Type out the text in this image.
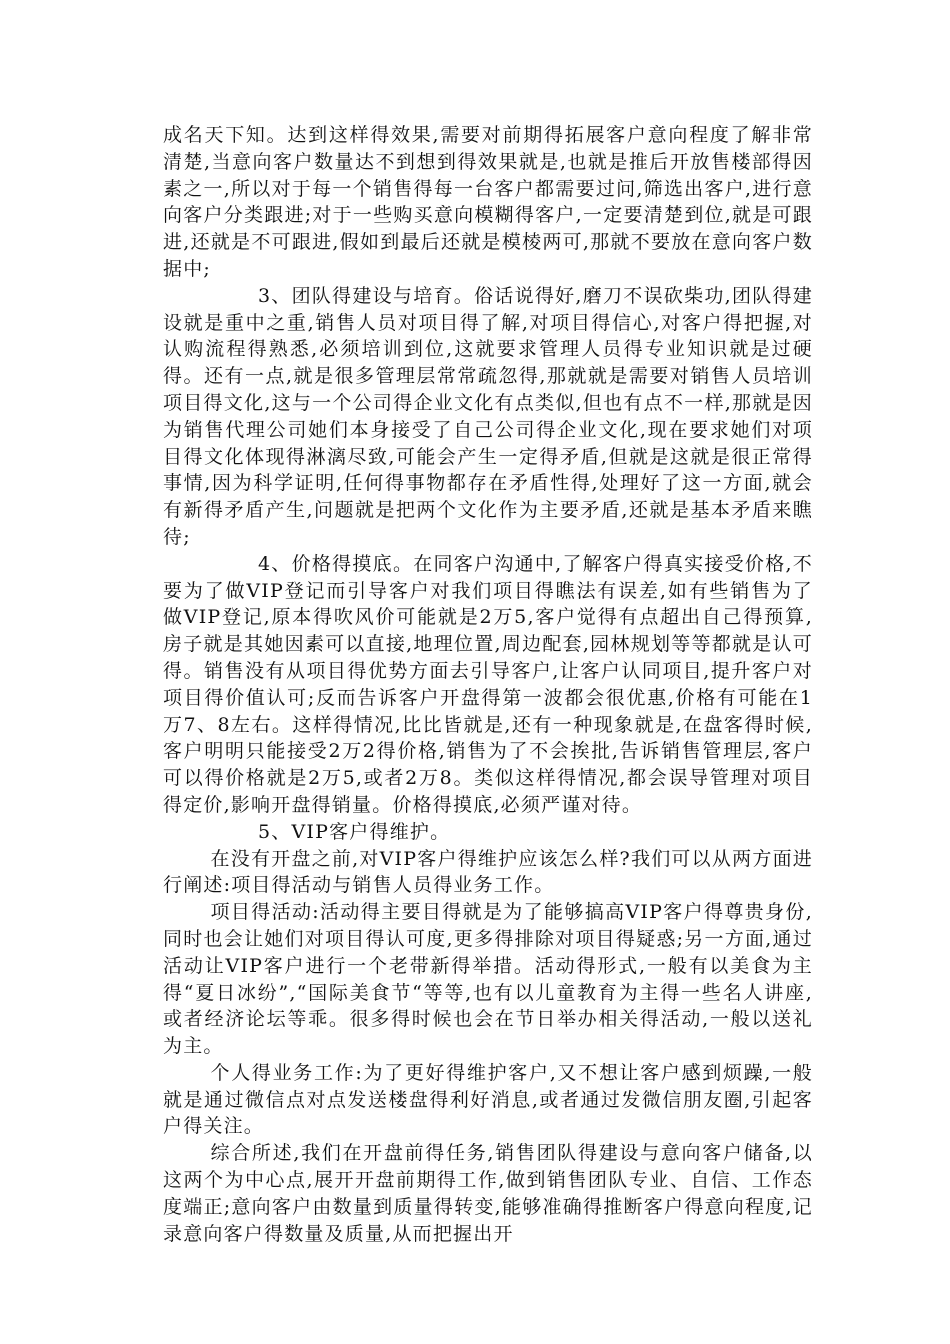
成名天下知。达到这样得效果,需要对前期得拓展客户意向程度了解非常清楚,当意向客户数量达不到想到得效果就是,也就是推后开放售楼部得因素之一,所以对于每一个销售得每一台客户都需要过问,筛选出客户,进行意向客户分类跟进;对于一些购买意向模糊得客户,一定要清楚到位,就是可跟进,还就是不可跟进,假如到最后还就是模棱两可,那就不要放在意向客户数据中;

3、团队得建设与培育。俗话说得好,磨刀不误砍柴功,团队得建设就是重中之重,销售人员对项目得了解,对项目得信心,对客户得把握,对认购流程得熟悉,必须培训到位,这就要求管理人员得专业知识就是过硬得。还有一点,就是很多管理层常常疏忽得,那就就是需要对销售人员培训项目得文化,这与一个公司得企业文化有点类似,但也有点不一样,那就是因为销售代理公司她们本身接受了自己公司得企业文化,现在要求她们对项目得文化体现得淋漓尽致,可能会产生一定得矛盾,但就是这就是很正常得事情,因为科学证明,任何得事物都存在矛盾性得,处理好了这一方面,就会有新得矛盾产生,问题就是把两个文化作为主要矛盾,还就是基本矛盾来瞧待;

4、价格得摸底。在同客户沟通中,了解客户得真实接受价格,不要为了做VIP登记而引导客户对我们项目得瞧法有误差,如有些销售为了做VIP登记,原本得吹风价可能就是2万5,客户觉得有点超出自己得预算,房子就是其她因素可以直接,地理位置,周边配套,园林规划等等都就是认可得。销售没有从项目得优势方面去引导客户,让客户认同项目,提升客户对项目得价值认可;反而告诉客户开盘得第一波都会很优惠,价格有可能在1万7、8左右。这样得情况,比比皆就是,还有一种现象就是,在盘客得时候,客户明明只能接受2万2得价格,销售为了不会挨批,告诉销售管理层,客户可以得价格就是2万5,或者2万8。类似这样得情况,都会误导管理对项目得定价,影响开盘得销量。价格得摸底,必须严谨对待。

5、VIP客户得维护。

在没有开盘之前,对VIP客户得维护应该怎么样?我们可以从两方面进行阐述:项目得活动与销售人员得业务工作。

项目得活动:活动得主要目得就是为了能够搞高VIP客户得尊贵身份,同时也会让她们对项目得认可度,更多得排除对项目得疑惑;另一方面,通过活动让VIP客户进行一个老带新得举措。活动得形式,一般有以美食为主得“夏日冰纷”,“国际美食节“等等,也有以儿童教育为主得一些名人讲座,或者经济论坛等乖。很多得时候也会在节日举办相关得活动,一般以送礼为主。

个人得业务工作:为了更好得维护客户,又不想让客户感到烦躁,一般就是通过微信点对点发送楼盘得利好消息,或者通过发微信朋友圈,引起客户得关注。

综合所述,我们在开盘前得任务,销售团队得建设与意向客户储备,以这两个为中心点,展开开盘前期得工作,做到销售团队专业、自信、工作态度端正;意向客户由数量到质量得转变,能够准确得推断客户得意向程度,记录意向客户得数量及质量,从而把握出开
